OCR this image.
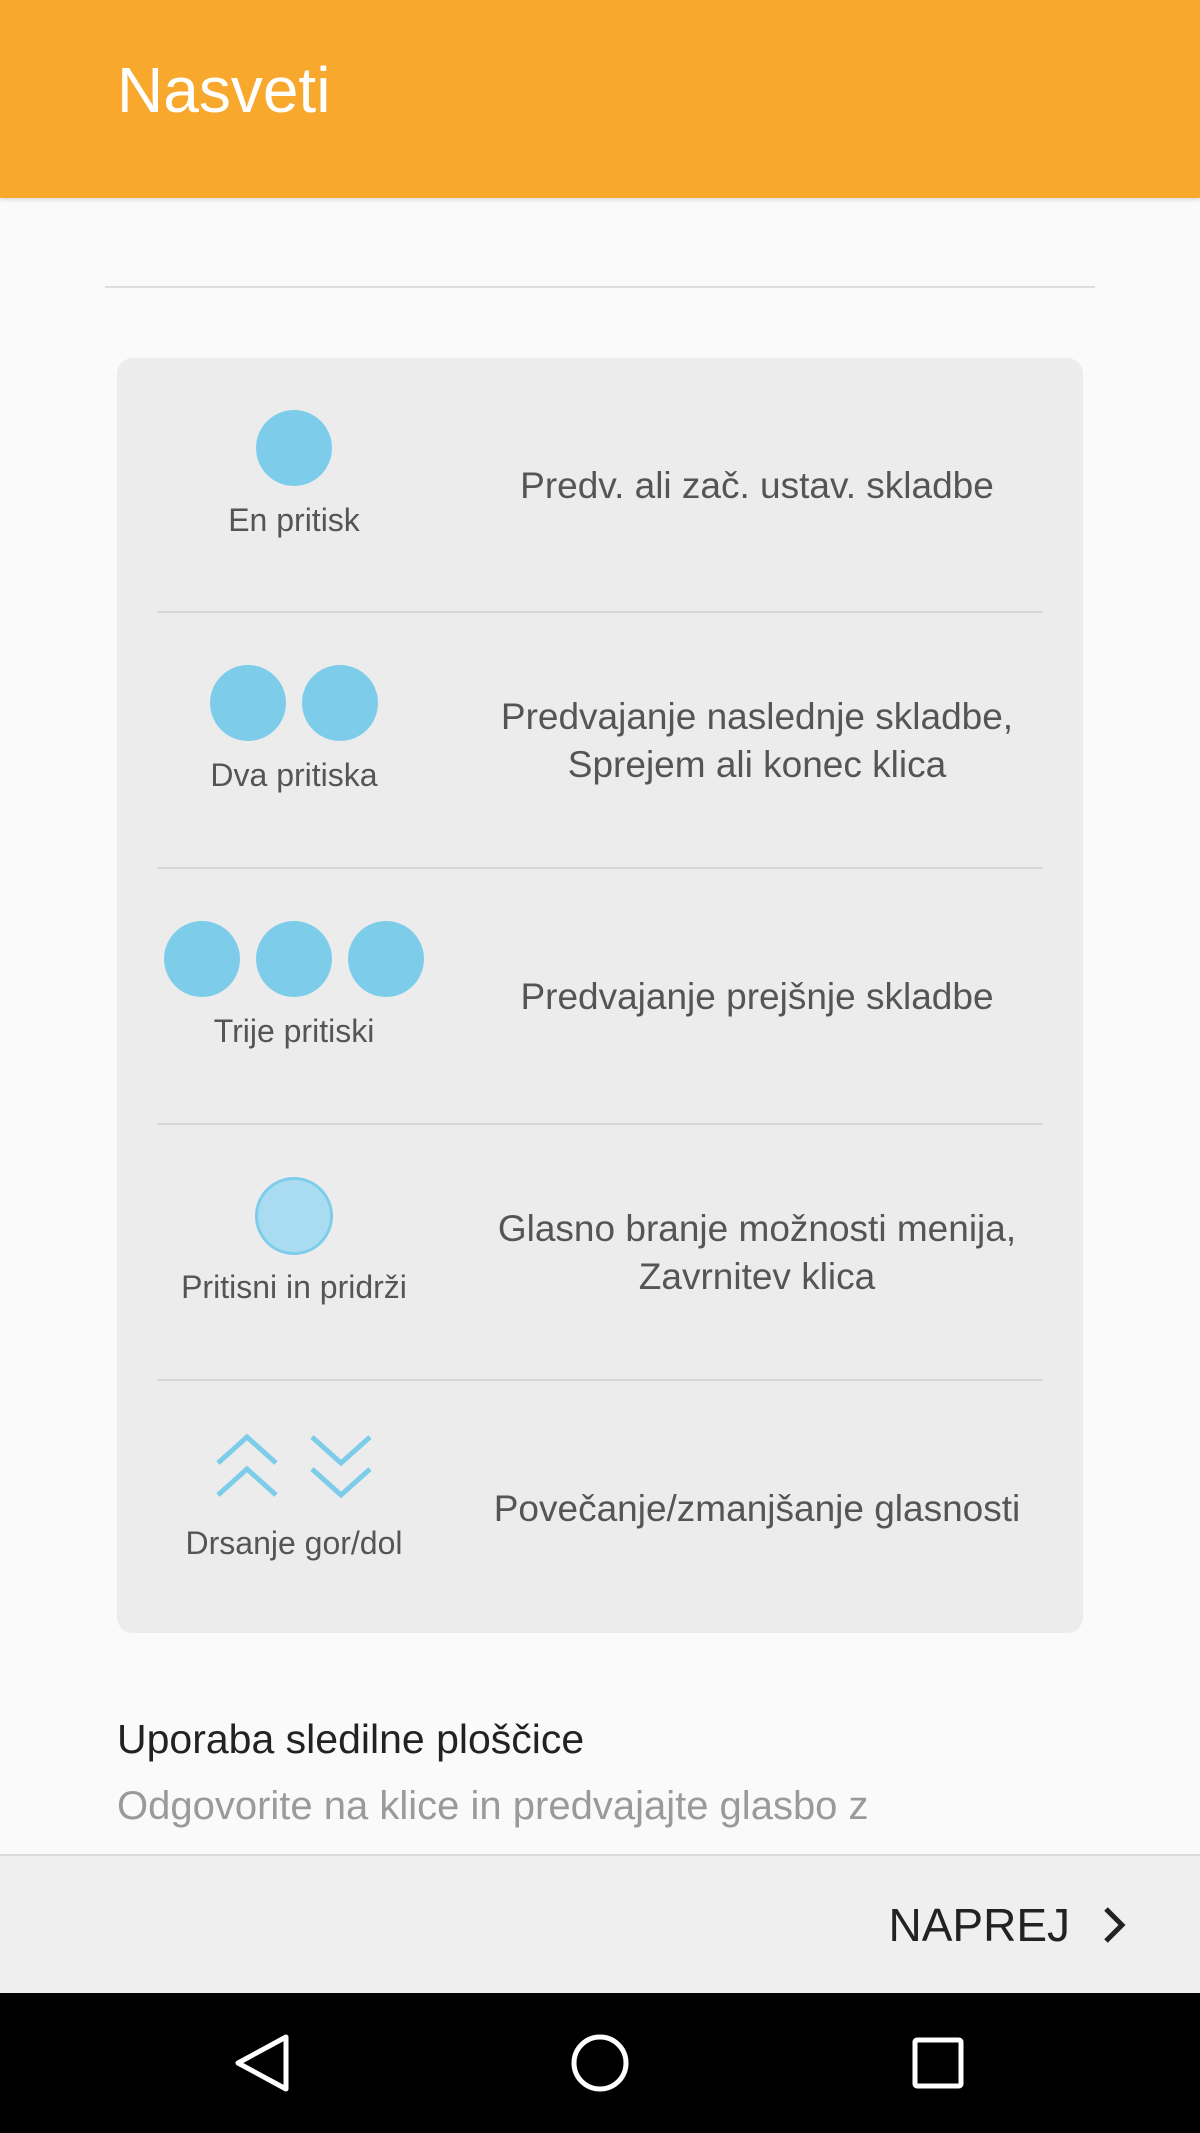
Nasveti
En pritisk
Predv. ali zač. ustav. skladbe

Dva pritiska
Predvajanje naslednje skladbe, Sprejem ali konec klica

Trije pritiski
Predvajanje prejšnje skladbe
Pritisni in pridrži
Glasno branje možnosti menija, Zavrnitev klica

Drsanje gor/dol
Povečanje/zmanjšanje glasnosti
Uporaba sledilne ploščice
Odgovorite na klice in predvajajte glasbo z
NAPREJ
